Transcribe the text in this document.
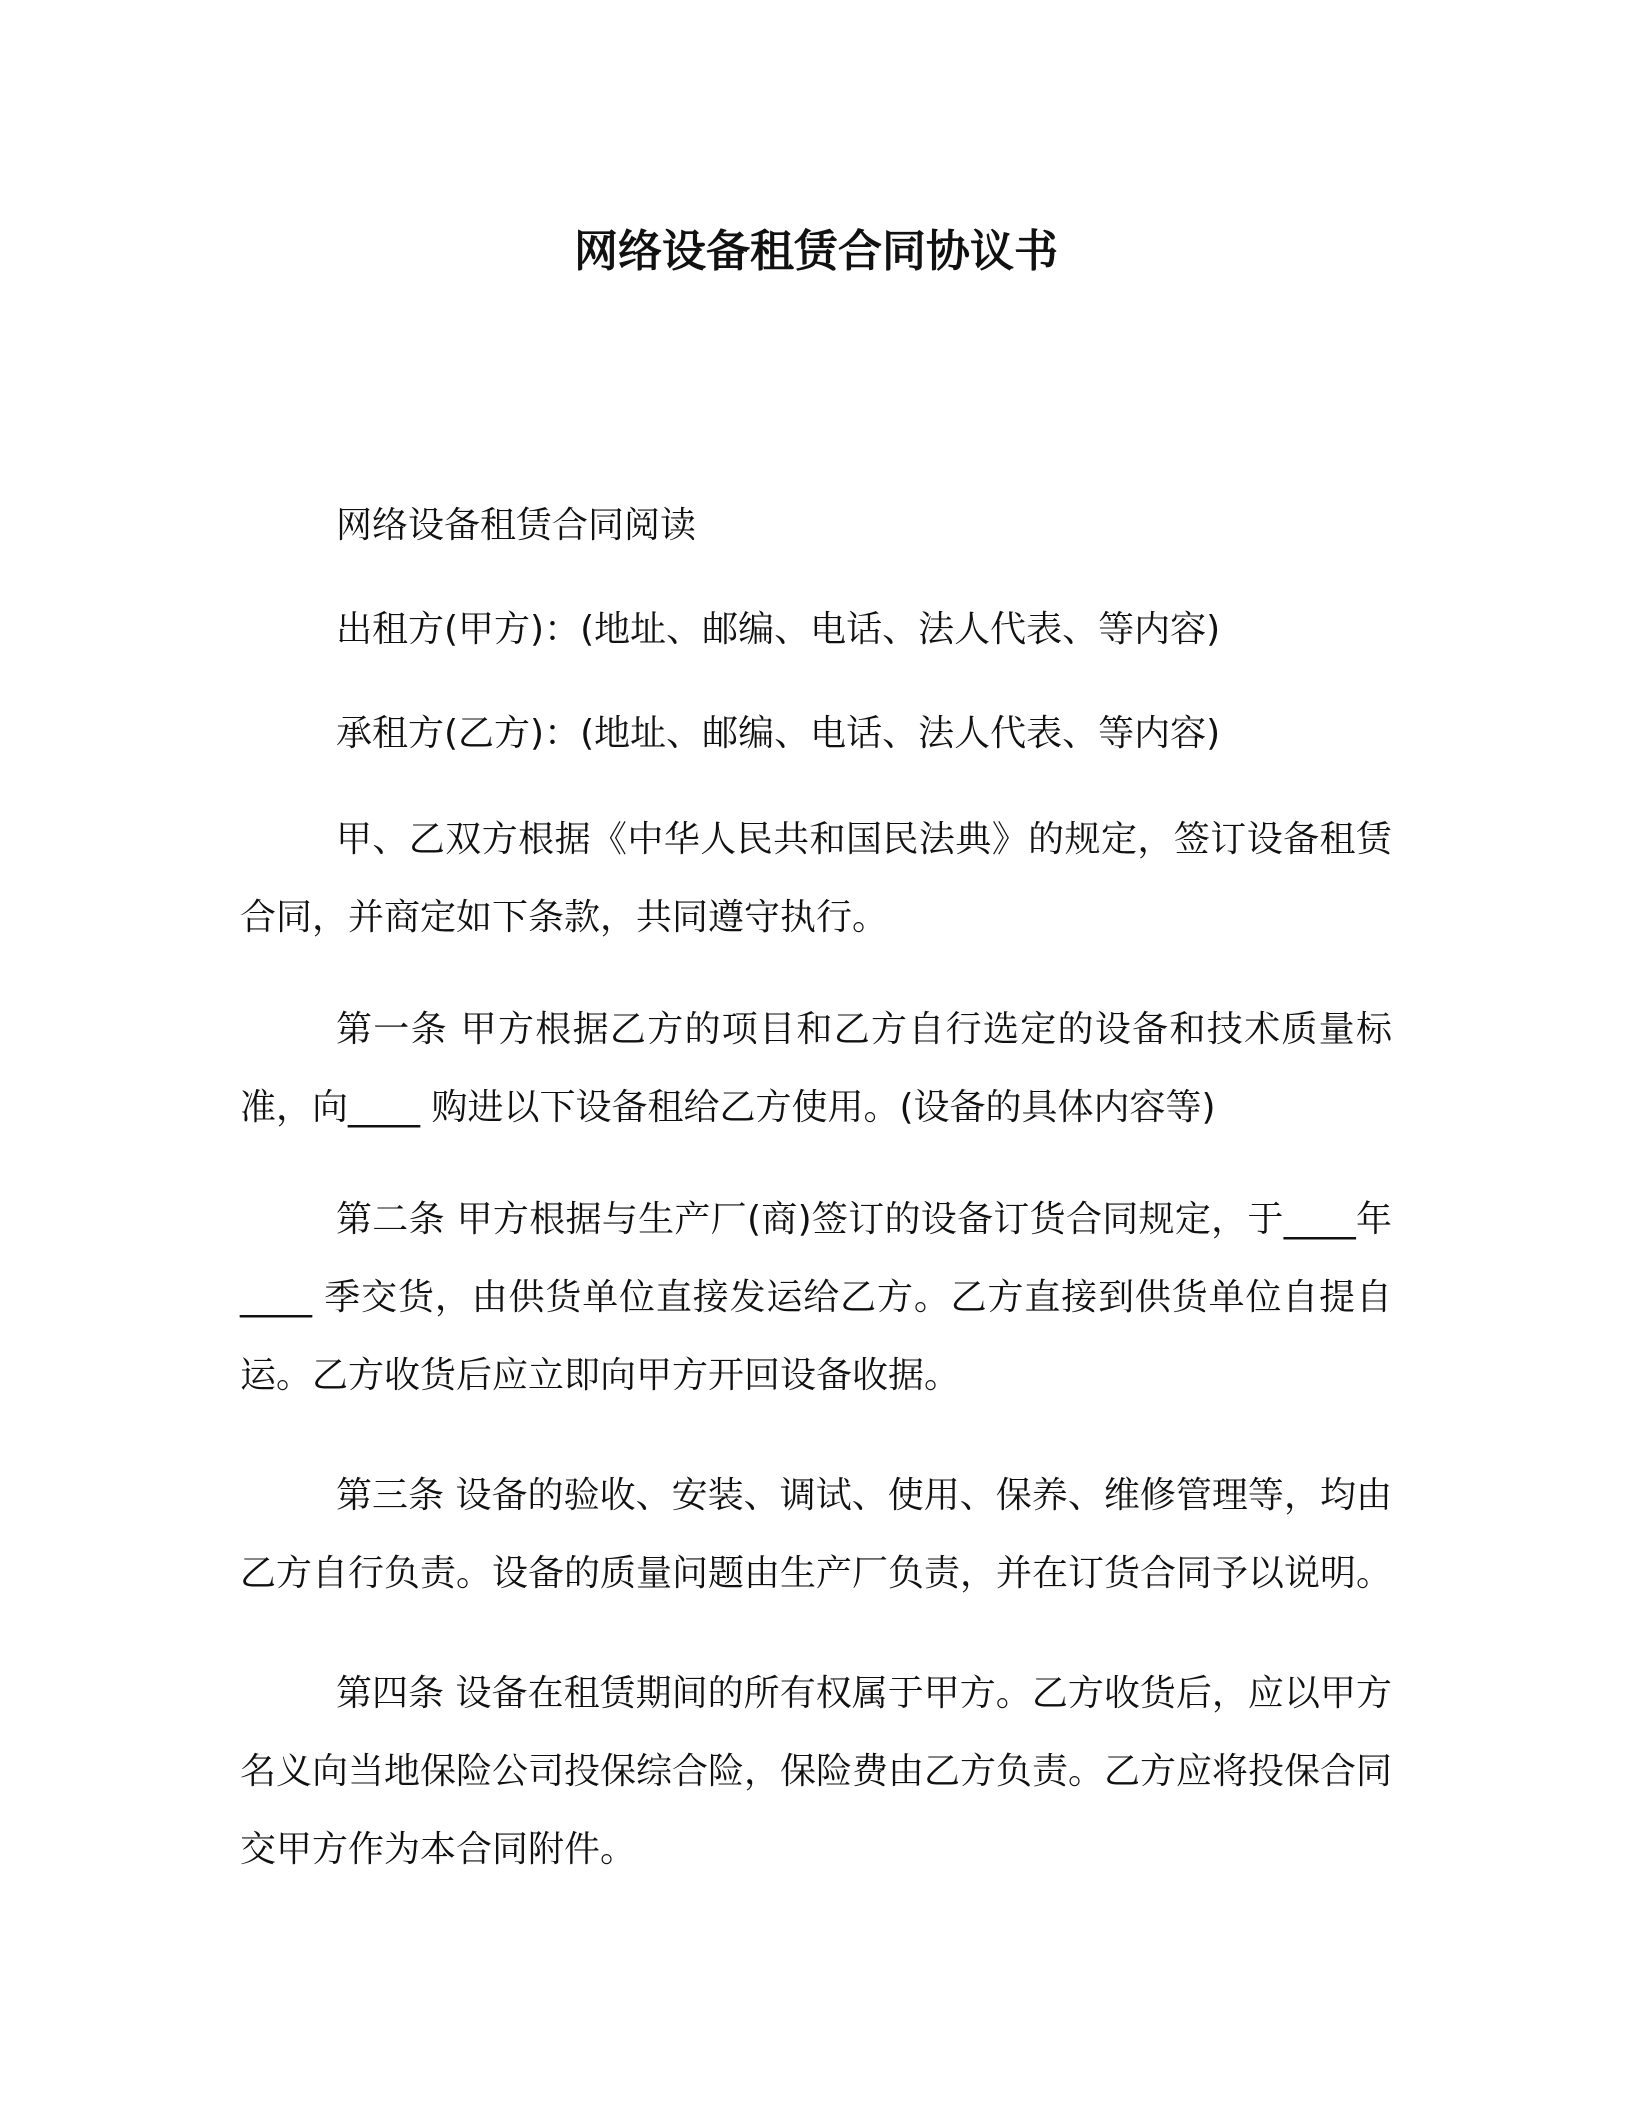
网络设备租赁合同协议书

网络设备租赁合同阅读

出租方(甲方)：(地址、邮编、电话、法人代表、等内容)

承租方(乙方)：(地址、邮编、电话、法人代表、等内容)

甲、乙双方根据《中华人民共和国民法典》的规定，签订设备租赁合同，并商定如下条款，共同遵守执行。

第一条 甲方根据乙方的项目和乙方自行选定的设备和技术质量标准，向____ 购进以下设备租给乙方使用。(设备的具体内容等)

第二条 甲方根据与生产厂(商)签订的设备订货合同规定，于____年____ 季交货，由供货单位直接发运给乙方。乙方直接到供货单位自提自运。乙方收货后应立即向甲方开回设备收据。

第三条 设备的验收、安装、调试、使用、保养、维修管理等，均由乙方自行负责。设备的质量问题由生产厂负责，并在订货合同予以说明。

第四条 设备在租赁期间的所有权属于甲方。乙方收货后，应以甲方名义向当地保险公司投保综合险，保险费由乙方负责。乙方应将投保合同交甲方作为本合同附件。
